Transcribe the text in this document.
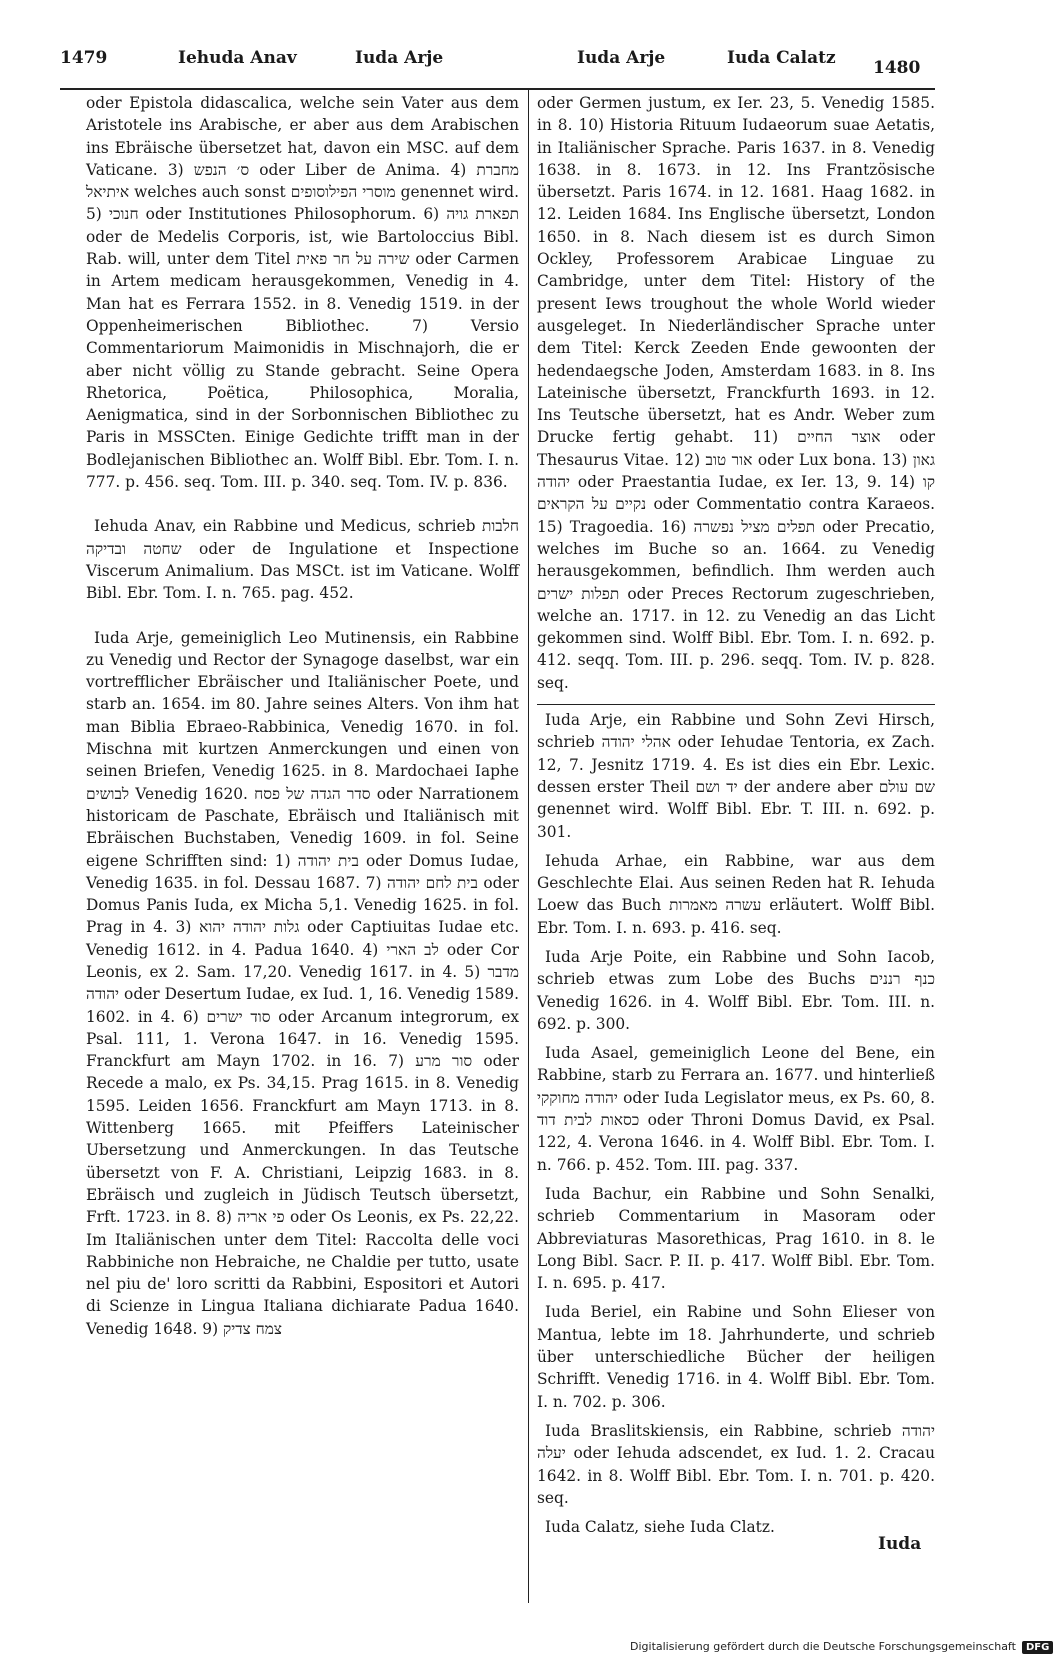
1479	Iehuda Anav	Iuda Arje	Iuda Arje	Iuda Calatz 1480

oder Epistola didascalica, welche sein Vater aus dem Aristotele ins Arabische, er aber aus dem Arabischen ins Ebräische übersetzet hat, davon ein MSC. auf dem Vaticane. 3) ס׳ הנפש oder Liber de Anima. 4) מחברת איתיאל welches auch sonst מוסרי הפילוסופים genennet wird. 5) חנוכי oder Institutiones Philosophorum. 6) תפארת גויה oder de Medelis Corporis, ist, wie Bartoloccius Bibl. Rab. will, unter dem Titel שירה על חר פאית oder Carmen in Artem medicam herausgekommen, Venedig in 4. Man hat es Ferrara 1552. in 8. Venedig 1519. in der Oppenheimerischen Bibliothec. 7) Versio Commentariorum Maimonidis in Mischnajorh, die er aber nicht völlig zu Stande gebracht. Seine Opera Rhetorica, Poëtica, Philosophica, Moralia, Aenigmatica, sind in der Sorbonnischen Bibliothec zu Paris in MSSCten. Einige Gedichte trifft man in der Bodlejanischen Bibliothec an. Wolff Bibl. Ebr. Tom. I. n. 777. p. 456. seq. Tom. III. p. 340. seq. Tom. IV. p. 836.

Iehuda Anav, ein Rabbine und Medicus, schrieb חלבות שחטה ובדיקה oder de Ingulatione et Inspectione Viscerum Animalium. Das MSCt. ist im Vaticane. Wolff Bibl. Ebr. Tom. I. n. 765. pag. 452.

Iuda Arje, gemeiniglich Leo Mutinensis, ein Rabbine zu Venedig und Rector der Synagoge daselbst, war ein vortrefflicher Ebräischer und Italiänischer Poete, und starb an. 1654. im 80. Jahre seines Alters. Von ihm hat man Biblia Ebraeo-Rabbinica, Venedig 1670. in fol. Mischna mit kurtzen Anmerckungen und einen von seinen Briefen, Venedig 1625. in 8. Mardochaei Iaphe לבושים Venedig 1620. סדר הגדה של פסח oder Narrationem historicam de Paschate, Ebräisch und Italiänisch mit Ebräischen Buchstaben, Venedig 1609. in fol. Seine eigene Schrifften sind: 1) בית יהודה oder Domus Iudae, Venedig 1635. in fol. Dessau 1687. 7) בית לחם יהודה oder Domus Panis Iuda, ex Micha 5,1. Venedig 1625. in fol. Prag in 4. 3) גלות יהודה יהוא oder Captiuitas Iudae etc. Venedig 1612. in 4. Padua 1640. 4) לב הארי oder Cor Leonis, ex 2. Sam. 17,20. Venedig 1617. in 4. 5) מדבר יהודה oder Desertum Iudae, ex Iud. 1, 16. Venedig 1589. 1602. in 4. 6) סוד ישרים oder Arcanum integrorum, ex Psal. 111, 1. Verona 1647. in 16. Venedig 1595. Franckfurt am Mayn 1702. in 16. 7) סור מרע oder Recede a malo, ex Ps. 34,15. Prag 1615. in 8. Venedig 1595. Leiden 1656. Franckfurt am Mayn 1713. in 8. Wittenberg 1665. mit Pfeiffers Lateinischer Ubersetzung und Anmerckungen. In das Teutsche übersetzt von F. A. Christiani, Leipzig 1683. in 8. Ebräisch und zugleich in Jüdisch Teutsch übersetzt, Frft. 1723. in 8. 8) פי אריה oder Os Leonis, ex Ps. 22,22. Im Italiänischen unter dem Titel: Raccolta delle voci Rabbiniche non Hebraiche, ne Chaldie per tutto, usate nel piu de' loro scritti da Rabbini, Espositori et Autori di Scienze in Lingua Italiana dichiarate Padua 1640. Venedig 1648. 9) צמח צדיק

oder Germen justum, ex Ier. 23, 5. Venedig 1585. in 8. 10) Historia Rituum Iudaeorum suae Aetatis, in Italiänischer Sprache. Paris 1637. in 8. Venedig 1638. in 8. 1673. in 12. Ins Frantzösische übersetzt. Paris 1674. in 12. 1681. Haag 1682. in 12. Leiden 1684. Ins Englische übersetzt, London 1650. in 8. Nach diesem ist es durch Simon Ockley, Professorem Arabicae Linguae zu Cambridge, unter dem Titel: History of the present Iews troughout the whole World wieder ausgeleget. In Niederländischer Sprache unter dem Titel: Kerck Zeeden Ende gewoonten der hedendaegsche Joden, Amsterdam 1683. in 8. Ins Lateinische übersetzt, Franckfurth 1693. in 12. Ins Teutsche übersetzt, hat es Andr. Weber zum Drucke fertig gehabt. 11) אוצר החיים oder Thesaurus Vitae. 12) אור טוב oder Lux bona. 13) גאון יהודה oder Praestantia Iudae, ex Ier. 13, 9. 14) קו נקיים על הקראים oder Commentatio contra Karaeos. 15) Tragoedia. 16) תפלים מציל נפשרה oder Precatio, welches im Buche so an. 1664. zu Venedig herausgekommen, befindlich. Ihm werden auch תפלות ישרים oder Preces Rectorum zugeschrieben, welche an. 1717. in 12. zu Venedig an das Licht gekommen sind. Wolff Bibl. Ebr. Tom. I. n. 692. p. 412. seqq. Tom. III. p. 296. seqq. Tom. IV. p. 828. seq.

Iuda Arje, ein Rabbine und Sohn Zevi Hirsch, schrieb אהלי יהודה oder Iehudae Tentoria, ex Zach. 12, 7. Jesnitz 1719. 4. Es ist dies ein Ebr. Lexic. dessen erster Theil יד ושם der andere aber שם עולם genennet wird. Wolff Bibl. Ebr. T. III. n. 692. p. 301.

Iehuda Arhae, ein Rabbine, war aus dem Geschlechte Elai. Aus seinen Reden hat R. Iehuda Loew das Buch עשרה מאמרות erläutert. Wolff Bibl. Ebr. Tom. I. n. 693. p. 416. seq.

Iuda Arje Poite, ein Rabbine und Sohn Iacob, schrieb etwas zum Lobe des Buchs כנף רננים Venedig 1626. in 4. Wolff Bibl. Ebr. Tom. III. n. 692. p. 300.

Iuda Asael, gemeiniglich Leone del Bene, ein Rabbine, starb zu Ferrara an. 1677. und hinterließ יהודה מחוקקי oder Iuda Legislator meus, ex Ps. 60, 8. כסאות לבית דוד oder Throni Domus David, ex Psal. 122, 4. Verona 1646. in 4. Wolff Bibl. Ebr. Tom. I. n. 766. p. 452. Tom. III. pag. 337.

Iuda Bachur, ein Rabbine und Sohn Senalki, schrieb Commentarium in Masoram oder Abbreviaturas Masorethicas, Prag 1610. in 8. le Long Bibl. Sacr. P. II. p. 417. Wolff Bibl. Ebr. Tom. I. n. 695. p. 417.

Iuda Beriel, ein Rabine und Sohn Elieser von Mantua, lebte im 18. Jahrhunderte, und schrieb über unterschiedliche Bücher der heiligen Schrifft. Venedig 1716. in 4. Wolff Bibl. Ebr. Tom. I. n. 702. p. 306.

Iuda Braslitskiensis, ein Rabbine, schrieb יהודה יעלה oder Iehuda adscendet, ex Iud. 1. 2. Cracau 1642. in 8. Wolff Bibl. Ebr. Tom. I. n. 701. p. 420. seq.

Iuda Calatz, siehe Iuda Clatz.

Iuda
Digitalisierung gefördert durch die Deutsche Forschungsgemeinschaft DFG
